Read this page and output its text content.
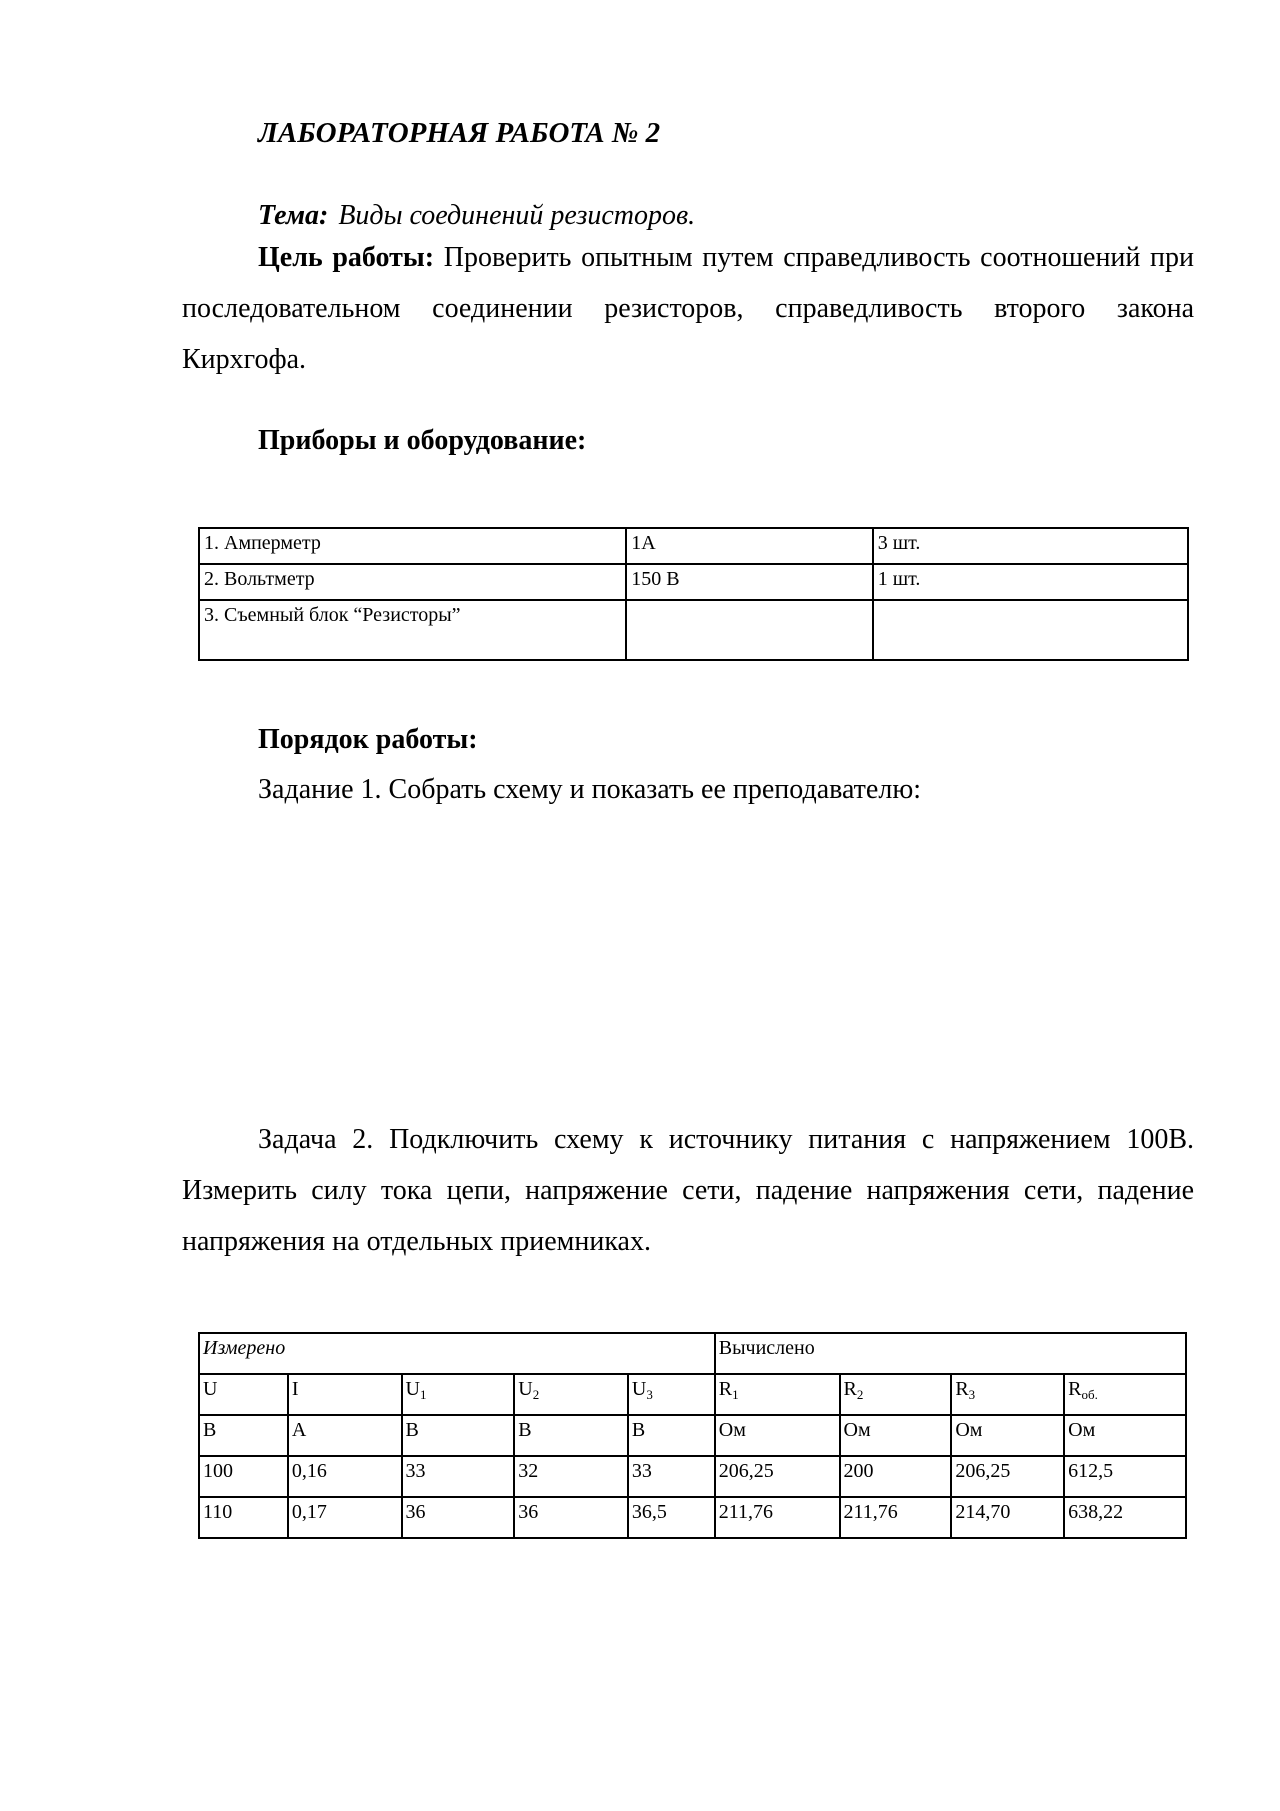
ЛАБОРАТОРНАЯ РАБОТА № 2

Тема: Виды соединений резисторов.

Цель работы: Проверить опытным путем справедливость соотношений при последовательном соединении резисторов, справедливость второго закона Кирхгофа.

Приборы и оборудование:

1. Амперметр	1А	3 шт.
2. Вольтметр	150 В	1 шт.
3. Съемный блок “Резисторы”		

Порядок работы:

Задание 1. Собрать схему и показать ее преподавателю:

Задача 2. Подключить схему к источнику питания с напряжением 100В. Измерить силу тока цепи, напряжение сети, падение напряжения сети, падение напряжения на отдельных приемниках.

Измерено					Вычислено			
U	I	$U_1$	$U_2$	$U_3$	$R_1$	$R_2$	$R_3$	$R_{об.}$
В	А	В	В	В	Ом	Ом	Ом	Ом
100	0,16	33	32	33	206,25	200	206,25	612,5
110	0,17	36	36	36,5	211,76	211,76	214,70	638,22
